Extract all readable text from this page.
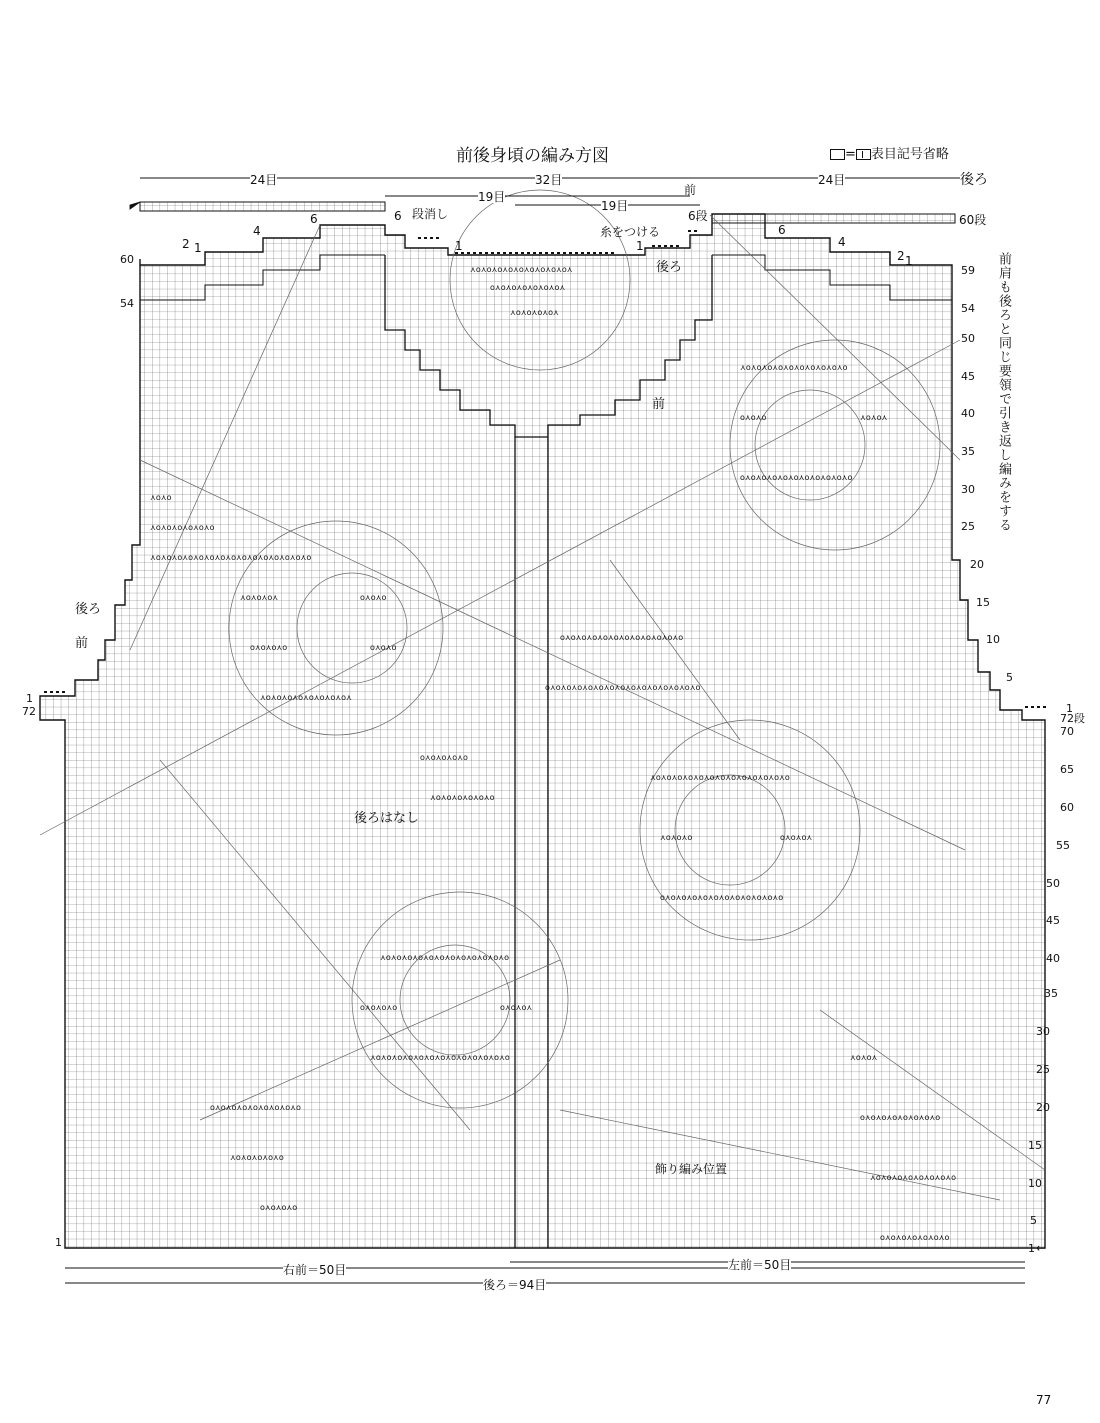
⋏o⋏o⋏o⋏o⋏o⋏o⋏o⋏o⋏o⋏
o⋏o⋏o⋏o⋏o⋏o⋏o⋏
⋏o⋏o⋏o⋏o⋏
⋏o⋏o
⋏o⋏o⋏o⋏o⋏o⋏o
⋏o⋏o⋏o⋏o⋏o⋏o⋏o⋏o⋏o⋏o⋏o⋏o⋏o⋏o⋏o
⋏o⋏o⋏o⋏	o⋏o⋏o
o⋏o⋏o⋏o	o⋏o⋏o
⋏o⋏o⋏o⋏o⋏o⋏o⋏o⋏o⋏
⋏o⋏o⋏o⋏o⋏o⋏o⋏o⋏o⋏o⋏o
o⋏o⋏o	⋏o⋏o⋏
o⋏o⋏o⋏o⋏o⋏o⋏o⋏o⋏o⋏o⋏o
o⋏o⋏o⋏o⋏o⋏o⋏o⋏o⋏o⋏o⋏o⋏o
o⋏o⋏o⋏o⋏o⋏o⋏o⋏o⋏o⋏o⋏o⋏o⋏o⋏o⋏o
o⋏o⋏o⋏o⋏o
⋏o⋏o⋏o⋏o⋏o⋏o
⋏o⋏o⋏o⋏o⋏o⋏o⋏o⋏o⋏o⋏o⋏o⋏o⋏o
⋏o⋏o⋏o	o⋏o⋏o⋏
o⋏o⋏o⋏o⋏o⋏o⋏o⋏o⋏o⋏o⋏o⋏o
⋏o⋏o⋏o⋏o⋏o⋏o⋏o⋏o⋏o⋏o⋏o⋏o
o⋏o⋏o⋏o	o⋏o⋏o⋏
⋏o⋏o⋏o⋏o⋏o⋏o⋏o⋏o⋏o⋏o⋏o⋏o⋏o
o⋏o⋏o⋏o⋏o⋏o⋏o⋏o⋏o
⋏o⋏o⋏o⋏o⋏o
o⋏o⋏o⋏o
⋏o⋏o⋏
o⋏o⋏o⋏o⋏o⋏o⋏o⋏o
⋏o⋏o⋏o⋏o⋏o⋏o⋏o⋏o
o⋏o⋏o⋏o⋏o⋏o⋏o
前後身頃の編み方図	= 表目記号省略
24目	32目	24目	後ろ
19目	前
19目
6
4
2 1
6 段消し	6段
6
4
2 1
60段
1	1
糸をつける
後ろ
前
60
54
59
54
50
45
40
35
30
25
20
15
10
5
前肩も後ろと同じ要領で引き返し編みをする
後ろ
前
1
72	1
72段
70
65
60
55
50
45
40
35
30
25
20
15
10
5
後ろはなし
飾り編み位置
1	1 ←
右前＝50目	左前＝50目
後ろ＝94目
77
